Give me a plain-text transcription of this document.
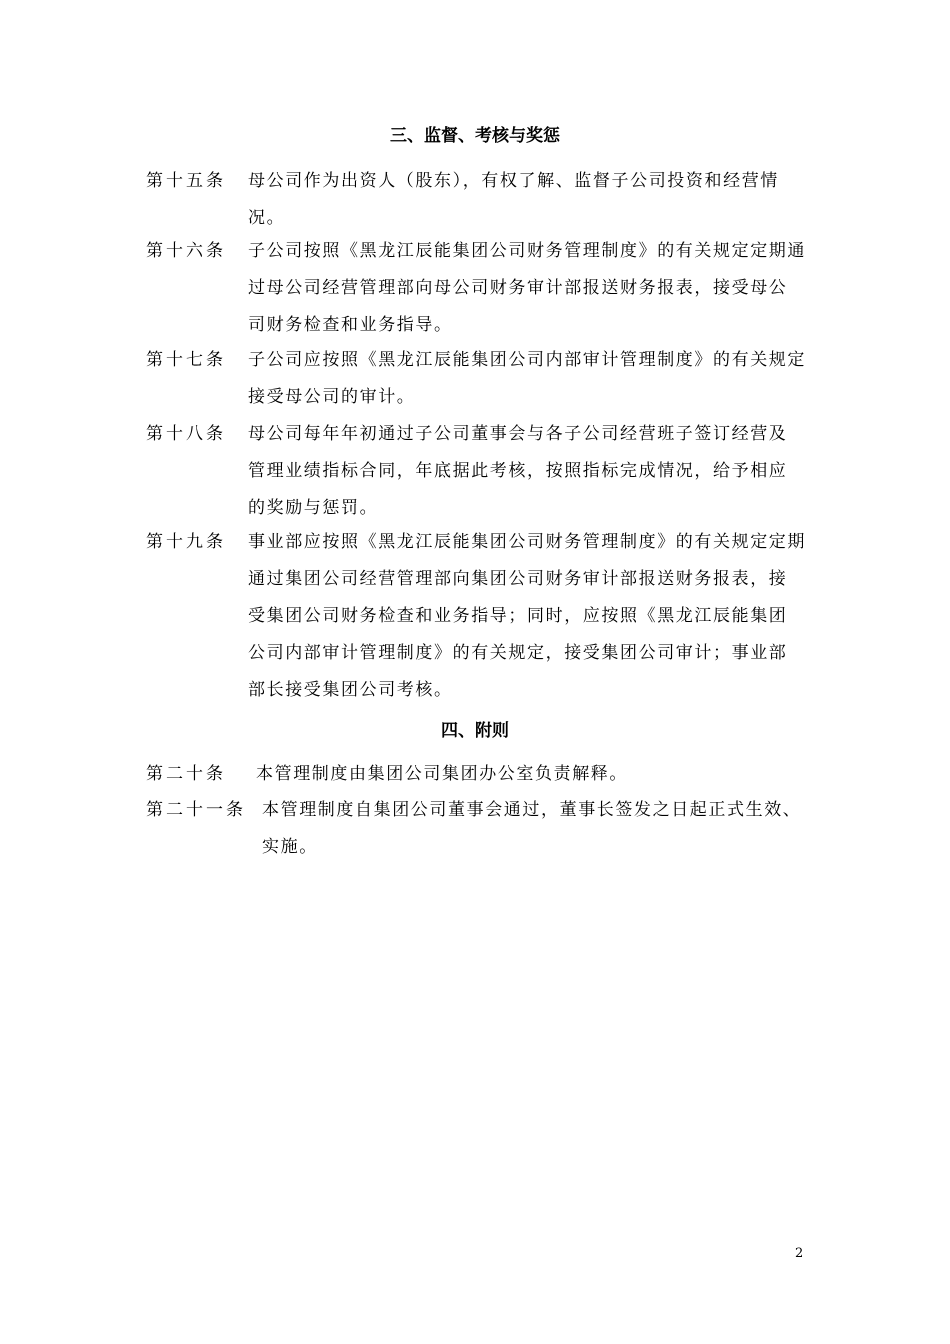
三、监督、考核与奖惩
第十五条 母公司作为出资人（股东），有权了解、监督子公司投资和经营情
况。
第十六条 子公司按照《黑龙江辰能集团公司财务管理制度》的有关规定定期通
过母公司经营管理部向母公司财务审计部报送财务报表，接受母公
司财务检查和业务指导。
第十七条 子公司应按照《黑龙江辰能集团公司内部审计管理制度》的有关规定
接受母公司的审计。
第十八条 母公司每年年初通过子公司董事会与各子公司经营班子签订经营及
管理业绩指标合同，年底据此考核，按照指标完成情况，给予相应
的奖励与惩罚。
第十九条 事业部应按照《黑龙江辰能集团公司财务管理制度》的有关规定定期
通过集团公司经营管理部向集团公司财务审计部报送财务报表，接
受集团公司财务检查和业务指导；同时，应按照《黑龙江辰能集团
公司内部审计管理制度》的有关规定，接受集团公司审计；事业部
部长接受集团公司考核。
四、附则
第二十条 本管理制度由集团公司集团办公室负责解释。
第二十一条 本管理制度自集团公司董事会通过，董事长签发之日起正式生效、
实施。
2
